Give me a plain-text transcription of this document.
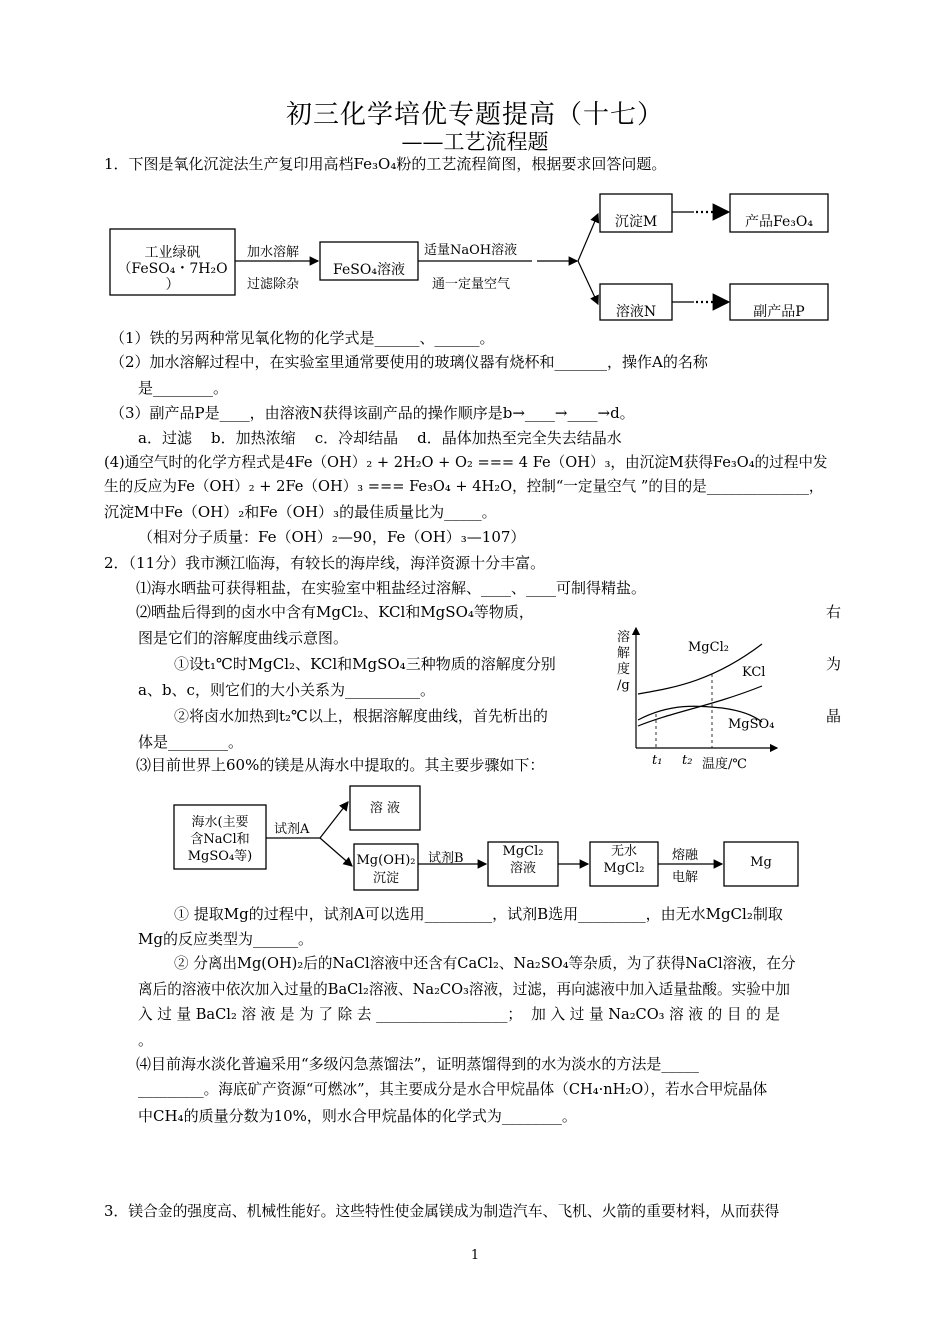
初三化学培优专题提高（十七）
——工艺流程题
1．下图是氧化沉淀法生产复印用高档Fe₃O₄粉的工艺流程简图，根据要求回答问题。
工业绿矾
（FeSO₄・7H₂O
）
加水溶解
过滤除杂
FeSO₄溶液
适量NaOH溶液
通一定量空气
沉淀M	产品Fe₃O₄
溶液N	副产品P
（1）铁的另两种常见氧化物的化学式是______、______。
（2）加水溶解过程中，在实验室里通常要使用的玻璃仪器有烧杯和_______，操作A的名称
是________。
（3）副产品P是____，由溶液N获得该副产品的操作顺序是b→____→____→d。
a．过滤    b．加热浓缩    c．冷却结晶    d．晶体加热至完全失去结晶水
(4)通空气时的化学方程式是4Fe（OH）₂ + 2H₂O + O₂ === 4 Fe（OH）₃，由沉淀M获得Fe₃O₄的过程中发
生的反应为Fe（OH）₂ + 2Fe（OH）₃ === Fe₃O₄ + 4H₂O，控制“一定量空气 ”的目的是______________，
沉淀M中Fe（OH）₂和Fe（OH）₃的最佳质量比为_____。
（相对分子质量：Fe（OH）₂—90，Fe（OH）₃—107）
2．（11分）我市濒江临海，有较长的海岸线，海洋资源十分丰富。
⑴海水晒盐可获得粗盐，在实验室中粗盐经过溶解、____、____可制得精盐。
⑵晒盐后得到的卤水中含有MgCl₂、KCl和MgSO₄等物质，	右
图是它们的溶解度曲线示意图。
①设t₁℃时MgCl₂、KCl和MgSO₄三种物质的溶解度分别	为
a、b、c，则它们的大小关系为__________。
②将卤水加热到t₂℃以上，根据溶解度曲线，首先析出的	晶
体是________。
⑶目前世界上60%的镁是从海水中提取的。其主要步骤如下：
溶
解
度
/g
MgCl₂
KCl
MgSO₄
t₁ t₂ 温度/℃
海水(主要
含NaCl和
MgSO₄等)
试剂A
溶 液
Mg(OH)₂
沉淀
试剂B	MgCl₂
溶液
无水
MgCl₂
熔融
电解
Mg
① 提取Mg的过程中，试剂A可以选用_________，试剂B选用_________，由无水MgCl₂制取
Mg的反应类型为______。
② 分离出Mg(OH)₂后的NaCl溶液中还含有CaCl₂、Na₂SO₄等杂质，为了获得NaCl溶液，在分
离后的溶液中依次加入过量的BaCl₂溶液、Na₂CO₃溶液，过滤，再向滤液中加入适量盐酸。实验中加
入 过 量 BaCl₂ 溶 液 是 为 了 除 去 __________________；  加 入 过 量 Na₂CO₃ 溶 液 的 目 的 是
。
⑷目前海水淡化普遍采用“多级闪急蒸馏法”，证明蒸馏得到的水为淡水的方法是_____
_________。海底矿产资源“可燃冰”，其主要成分是水合甲烷晶体（CH₄·nH₂O），若水合甲烷晶体
中CH₄的质量分数为10%，则水合甲烷晶体的化学式为________。
3．镁合金的强度高、机械性能好。这些特性使金属镁成为制造汽车、飞机、火箭的重要材料，从而获得
1
